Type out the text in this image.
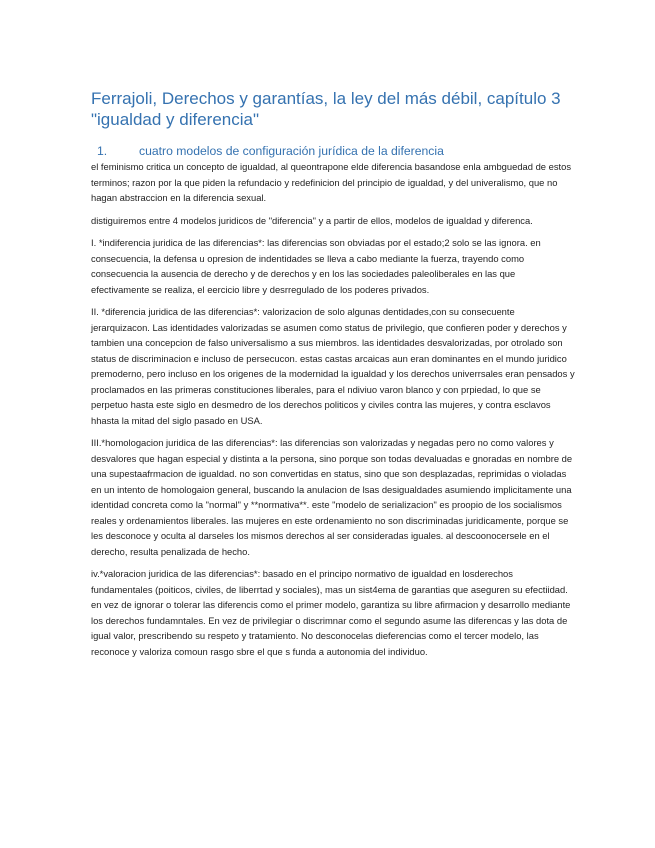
Ferrajoli, Derechos y garantías, la ley del más débil, capítulo 3
"igualdad y diferencia"
1.	cuatro modelos de configuración jurídica de la diferencia

el feminismo critica un concepto de igualdad, al queontrapone elde diferencia basandose enla ambguedad de estos terminos; razon por la que piden la refundacio y redefinicion del principio de igualdad, y del univeralismo, que no hagan abstraccion en la diferencia sexual.

distiguiremos entre 4 modelos juridicos de "diferencia" y a partir de ellos, modelos de igualdad y diferenca.

I. *indiferencia juridica de las diferencias*: las diferencias son obviadas por el estado;2 solo se las ignora. en consecuencia, la defensa u opresion de indentidades se lleva a cabo mediante la fuerza, trayendo como consecuencia la ausencia de derecho y de derechos y en los las sociedades paleoliberales en las que efectivamente se realiza, el eercicio libre y desrregulado de los poderes privados.

II. *diferencia juridica de las diferencias*: valorizacion de solo algunas dentidades,con su consecuente jerarquizacon. Las identidades valorizadas se asumen como status de privilegio, que confieren poder y derechos y tambien una concepcion de falso universalismo a sus miembros. las identidades desvalorizadas, por otrolado son status de discriminacion e incluso de persecucon. estas castas arcaicas aun eran dominantes en el mundo juridico premoderno, pero incluso en los origenes de la modernidad la igualdad y los derechos univerrsales eran pensados y proclamados en las primeras constituciones liberales, para el ndiviuo varon blanco y con prpiedad, lo que se perpetuo hasta este siglo en desmedro de los derechos politicos y civiles contra las mujeres, y contra esclavos hhasta la mitad del siglo pasado en USA.

III.*homologacion juridica de las diferencias*: las diferencias son valorizadas y negadas pero no como valores y desvalores que hagan especial y distinta a la persona, sino porque son todas devaluadas e gnoradas en nombre de una supestaafrmacion de igualdad. no son convertidas en status, sino que son desplazadas, reprimidas o violadas en un intento de homologaion general, buscando la anulacion de lsas desigualdades asumiendo implicitamente una identidad concreta como la "normal" y **normativa**. este "modelo de serializacion" es proopio de los socialismos reales y ordenamientos liberales. las mujeres en este ordenamiento no son discriminadas juridicamente, porque se les desconoce y oculta al darseles los mismos derechos al ser consideradas iguales. al descoonocersele en el derecho, resulta penalizada de hecho.

iv.*valoracion juridica de las diferencias*: basado en el principo normativo de igualdad en losderechos fundamentales (poiticos, civiles, de liberrtad y sociales), mas un sist4ema de garantias que aseguren su efectiidad. en vez de ignorar o tolerar las diferencis como el primer modelo, garantiza su libre afirmacion y desarrollo mediante los derechos fundamntales. En vez de privilegiar o discrimnar como el segundo asume las diferencas y las dota de igual valor, prescribendo su respeto y tratamiento. No desconocelas dieferencias como el tercer modelo, las reconoce y valoriza comoun rasgo sbre el que s funda a autonomia del individuo.
